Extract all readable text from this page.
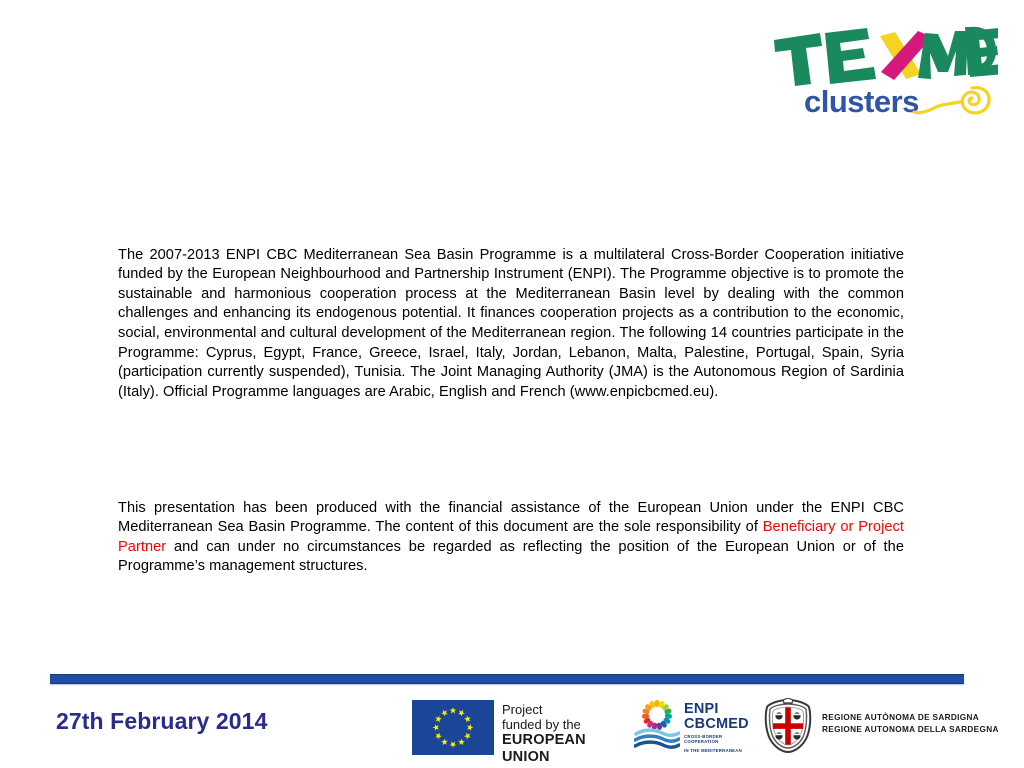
clusters

The 2007-2013 ENPI CBC Mediterranean Sea Basin Programme is a multilateral Cross-Border Cooperation initiative funded by the European Neighbourhood and Partnership Instrument (ENPI). The Programme objective is to promote the sustainable and harmonious cooperation process at the Mediterranean Basin level by dealing with the common challenges and enhancing its endogenous potential. It finances cooperation projects as a contribution to the economic, social, environmental and cultural development of the Mediterranean region. The following 14 countries participate in the Programme: Cyprus, Egypt, France, Greece, Israel, Italy, Jordan, Lebanon, Malta, Palestine, Portugal, Spain, Syria (participation currently suspended), Tunisia. The Joint Managing Authority (JMA) is the Autonomous Region of Sardinia (Italy). Official Programme languages are Arabic, English and French (www.enpicbcmed.eu).

This presentation has been produced with the financial assistance of the European Union under the ENPI CBC Mediterranean Sea Basin Programme. The content of this document are the sole responsibility of Beneficiary or Project Partner and can under no circumstances be regarded as reflecting the position of the European Union or of the Programme’s management structures.

27th February 2014	Project
funded by the
EUROPEAN UNION
ENPI
CBCMED
CROSS-BORDER COOPERATION
IN THE MEDITERRANEAN
REGIONE AUTÒNOMA DE SARDIGNA
REGIONE AUTONOMA DELLA SARDEGNA
